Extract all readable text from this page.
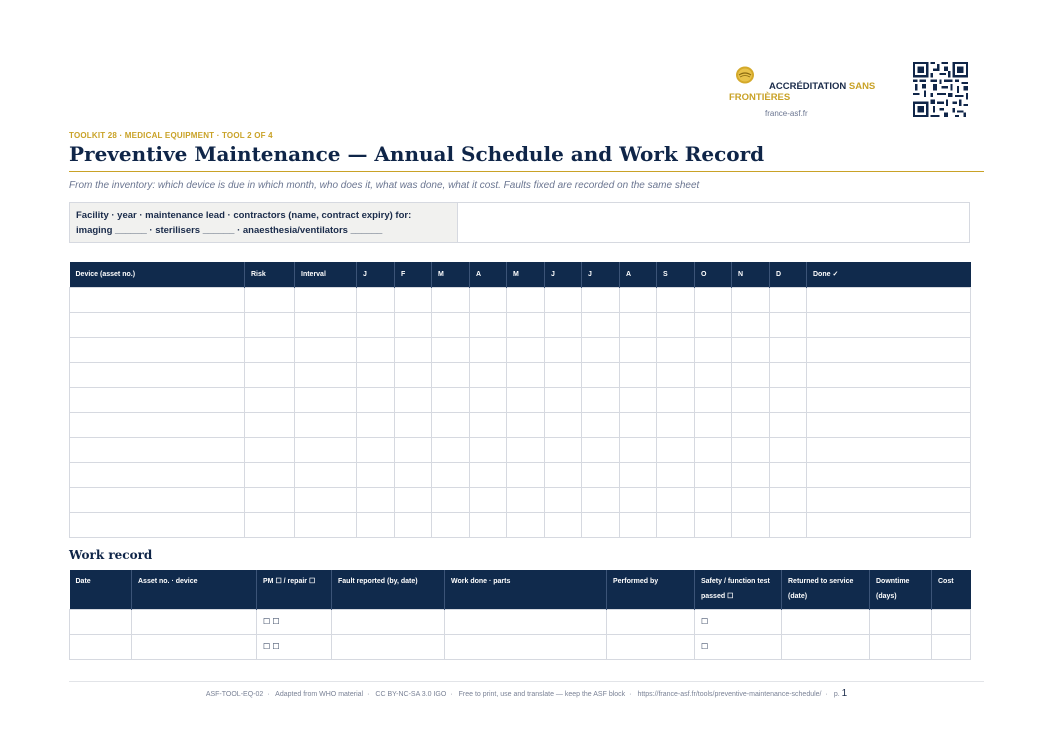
ACCRÉDITATION SANS FRONTIÈRES
france-asf.fr
TOOLKIT 28 · MEDICAL EQUIPMENT · TOOL 2 OF 4
Preventive Maintenance — Annual Schedule and Work Record
From the inventory: which device is due in which month, who does it, what was done, what it cost. Faults fixed are recorded on the same sheet
Facility · year · maintenance lead · contractors (name, contract expiry) for:
imaging ______ · sterilisers ______ · anaesthesia/ventilators ______
Device (asset no.)	Risk	Interval	J	F	M	A	M	J	J	A	S	O	N	D	Done ✓

Work record
Date	Asset no. · device	PM ☐ / repair ☐	Fault reported (by, date)	Work done · parts	Performed by	Safety / function test passed ☐	Returned to service (date)	Downtime (days)	Cost
		☐ ☐				☐			
		☐ ☐				☐			
ASF-TOOL-EQ-02 · Adapted from WHO material · CC BY-NC-SA 3.0 IGO · Free to print, use and translate — keep the ASF block · https://france-asf.fr/tools/preventive-maintenance-schedule/ · p. 1
